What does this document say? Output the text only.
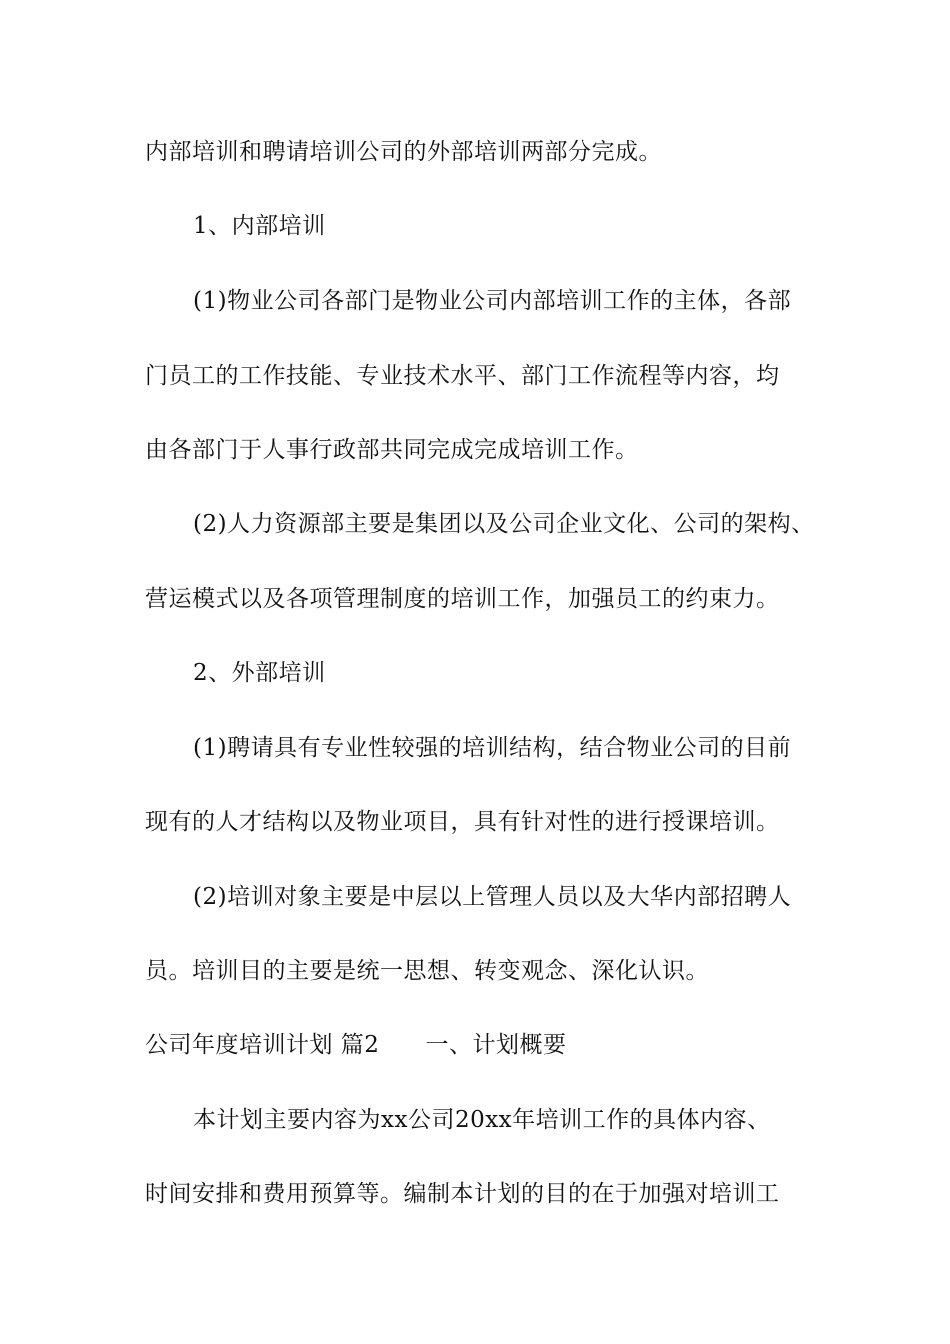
内部培训和聘请培训公司的外部培训两部分完成。
1、内部培训
(1)物业公司各部门是物业公司内部培训工作的主体，各部
门员工的工作技能、专业技术水平、部门工作流程等内容，均
由各部门于人事行政部共同完成完成培训工作。
(2)人力资源部主要是集团以及公司企业文化、公司的架构、
营运模式以及各项管理制度的培训工作，加强员工的约束力。
2、外部培训
(1)聘请具有专业性较强的培训结构，结合物业公司的目前
现有的人才结构以及物业项目，具有针对性的进行授课培训。
(2)培训对象主要是中层以上管理人员以及大华内部招聘人
员。培训目的主要是统一思想、转变观念、深化认识。
公司年度培训计划 篇2 一、计划概要
本计划主要内容为xx公司20xx年培训工作的具体内容、
时间安排和费用预算等。编制本计划的目的在于加强对培训工
